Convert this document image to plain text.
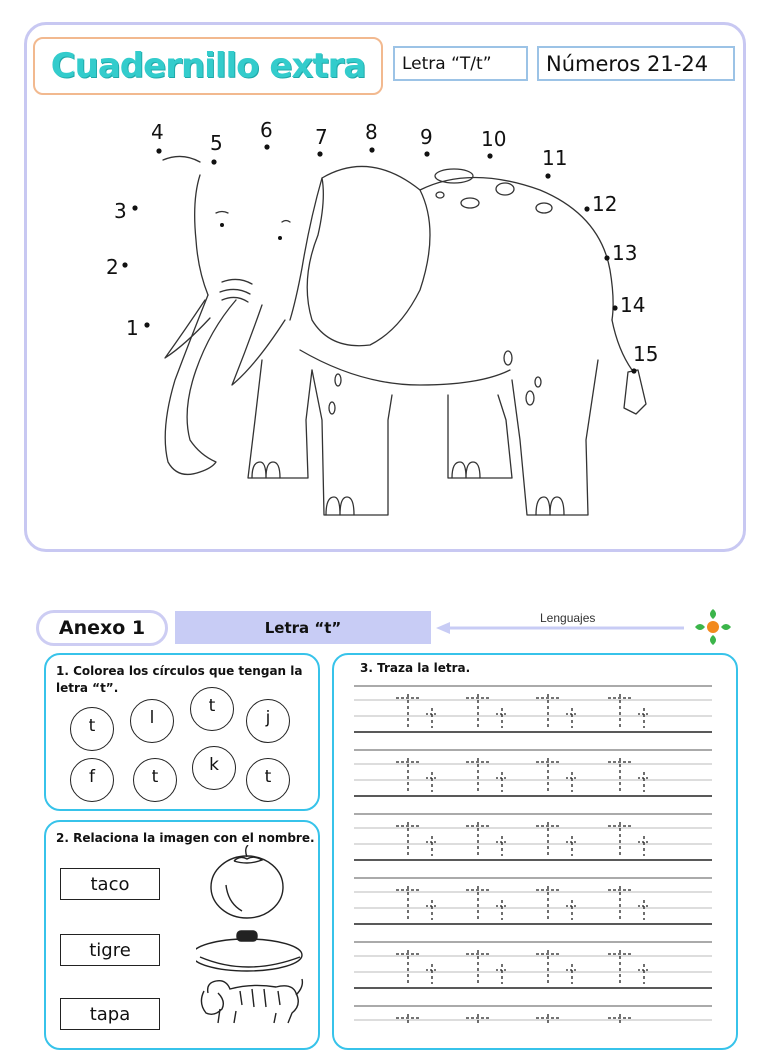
Cuadernillo extra	Letra “T/t”	Números 21-24
1
2
3
4 5
6 7 8 9 10
11
12
13
14
15
Anexo 1	Letra “t”
Lenguajes
1. Colorea los círculos que tengan la letra “t”.
t	l
t
j
f	t
k
t
2. Relaciona la imagen con el nombre.
taco
tigre
tapa
3. Traza la letra.
